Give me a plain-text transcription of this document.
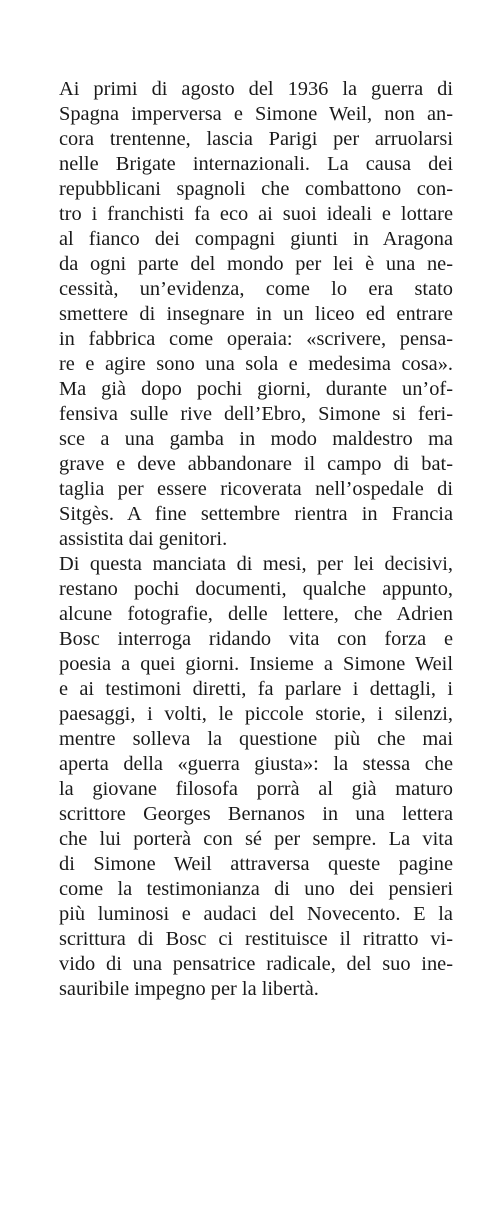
Ai primi di agosto del 1936 la guerra di
Spagna imperversa e Simone Weil, non an-
cora trentenne, lascia Parigi per arruolarsi
nelle Brigate internazionali. La causa dei
repubblicani spagnoli che combattono con-
tro i franchisti fa eco ai suoi ideali e lottare
al fianco dei compagni giunti in Aragona
da ogni parte del mondo per lei è una ne-
cessità, un’evidenza, come lo era stato
smettere di insegnare in un liceo ed entrare
in fabbrica come operaia: «scrivere, pensa-
re e agire sono una sola e medesima cosa».
Ma già dopo pochi giorni, durante un’of-
fensiva sulle rive dell’Ebro, Simone si feri-
sce a una gamba in modo maldestro ma
grave e deve abbandonare il campo di bat-
taglia per essere ricoverata nell’ospedale di
Sitgès. A fine settembre rientra in Francia
assistita dai genitori.
Di questa manciata di mesi, per lei decisivi,
restano pochi documenti, qualche appunto,
alcune fotografie, delle lettere, che Adrien
Bosc interroga ridando vita con forza e
poesia a quei giorni. Insieme a Simone Weil
e ai testimoni diretti, fa parlare i dettagli, i
paesaggi, i volti, le piccole storie, i silenzi,
mentre solleva la questione più che mai
aperta della «guerra giusta»: la stessa che
la giovane filosofa porrà al già maturo
scrittore Georges Bernanos in una lettera
che lui porterà con sé per sempre. La vita
di Simone Weil attraversa queste pagine
come la testimonianza di uno dei pensieri
più luminosi e audaci del Novecento. E la
scrittura di Bosc ci restituisce il ritratto vi-
vido di una pensatrice radicale, del suo ine-
sauribile impegno per la libertà.
